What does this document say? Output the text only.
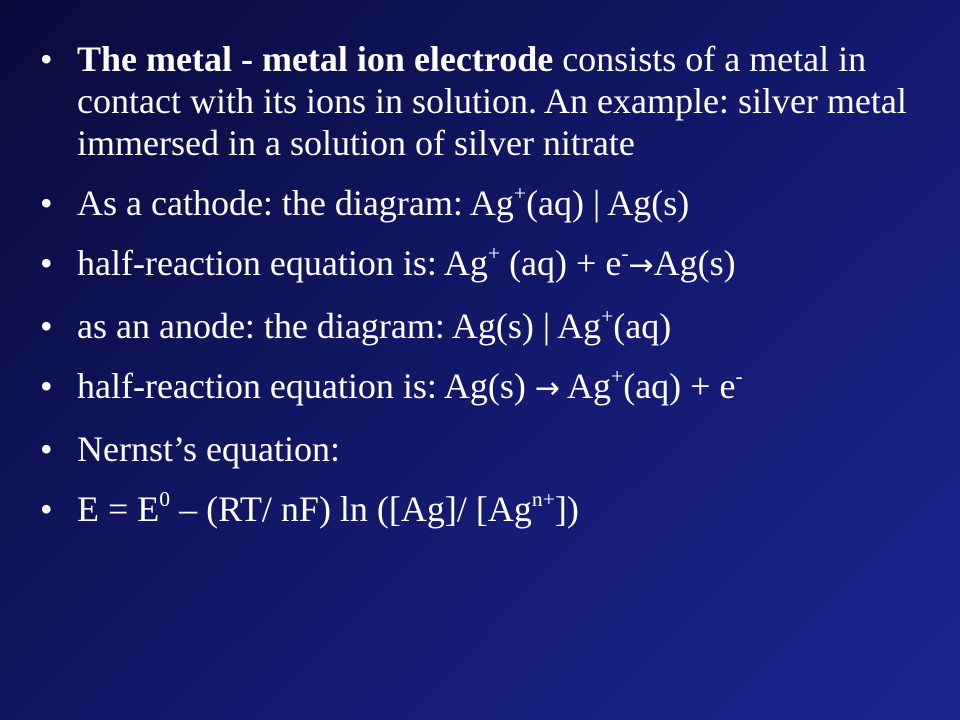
• The metal - metal ion electrode consists of a metal in contact with its ions in solution. An example: silver metal immersed in a solution of silver nitrate
• As a cathode: the diagram: Ag+(aq) | Ag(s)
• half-reaction equation is: Ag+ (aq) + e-→Ag(s)
• as an anode: the diagram: Ag(s) | Ag+(aq)
• half-reaction equation is: Ag(s) → Ag+(aq) + e-
• Nernst’s equation:
• $E = E^0 - (RT/$ nF) ln ([Ag]/ $[Ag^{n+}]$)
